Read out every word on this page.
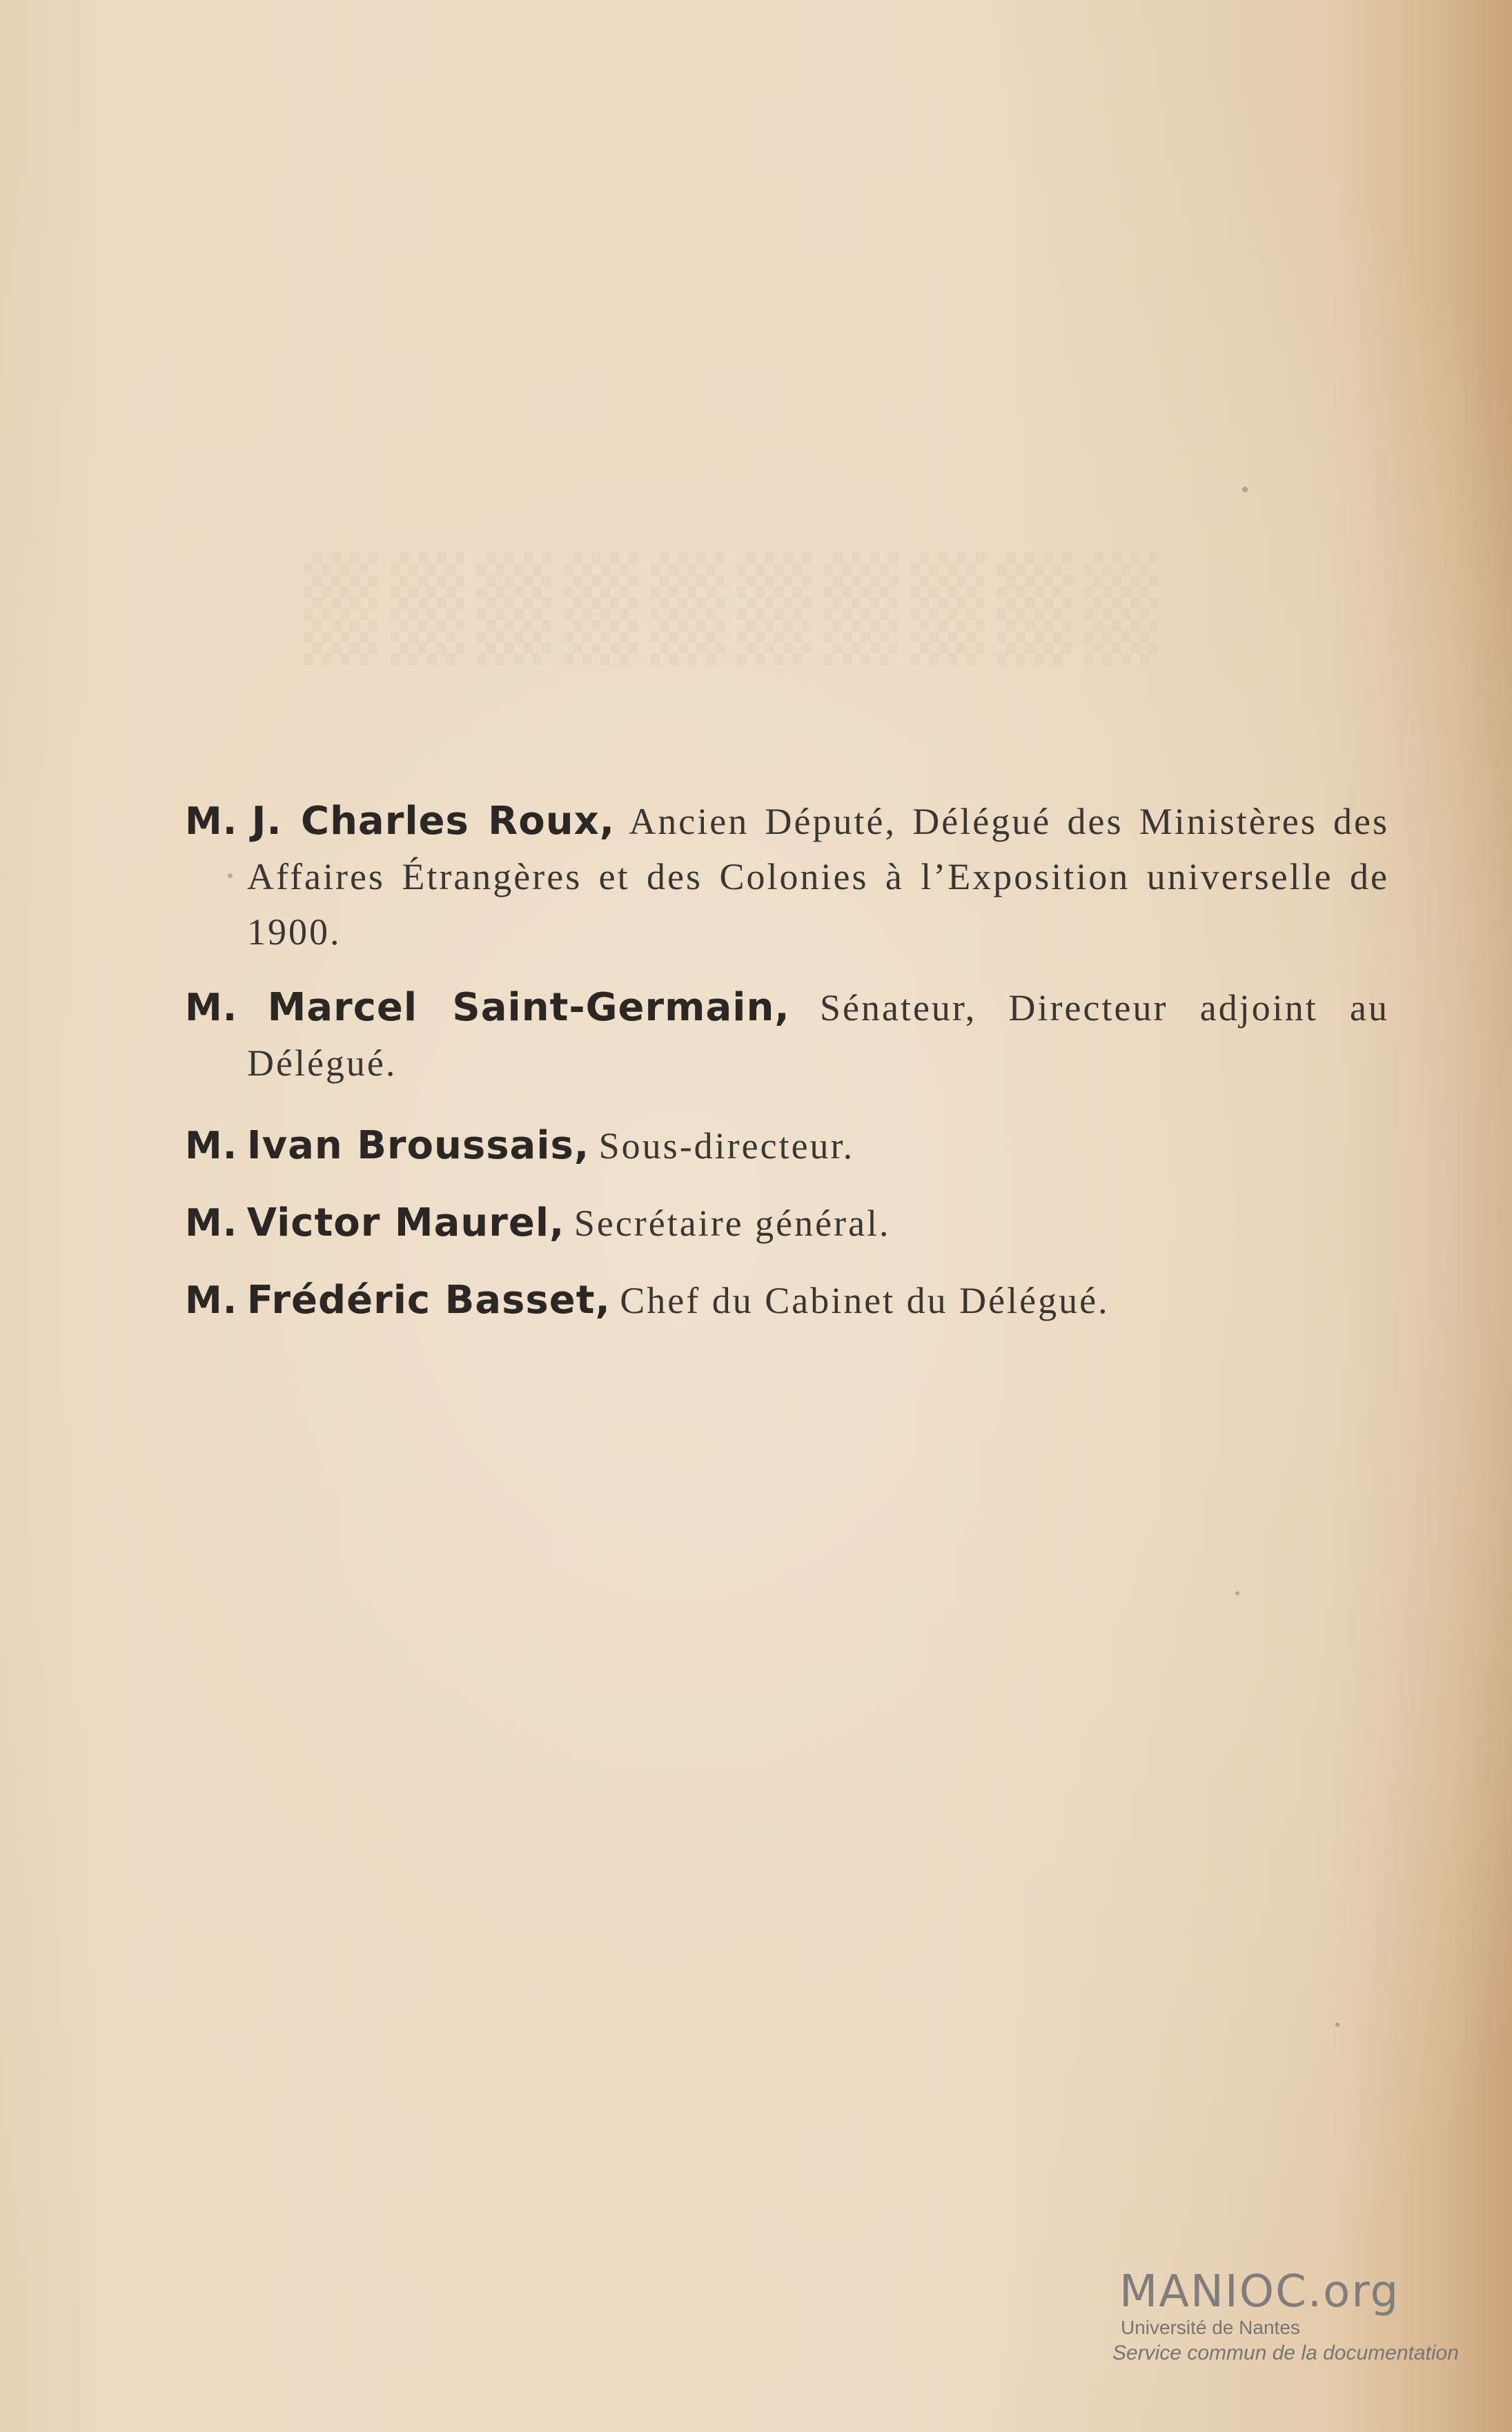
▒▒▒▒▒▒▒▒▒▒
M. J. Charles Roux, Ancien Député, Délégué des Ministères des Affaires Étrangères et des Colonies à l’Exposition universelle de 1900.
M. Marcel Saint-Germain, Sénateur, Directeur adjoint au Délégué.
M. Ivan Broussais, Sous-directeur.
M. Victor Maurel, Secrétaire général.
M. Frédéric Basset, Chef du Cabinet du Délégué.
MANIOC.org
Université de Nantes
Service commun de la documentation
